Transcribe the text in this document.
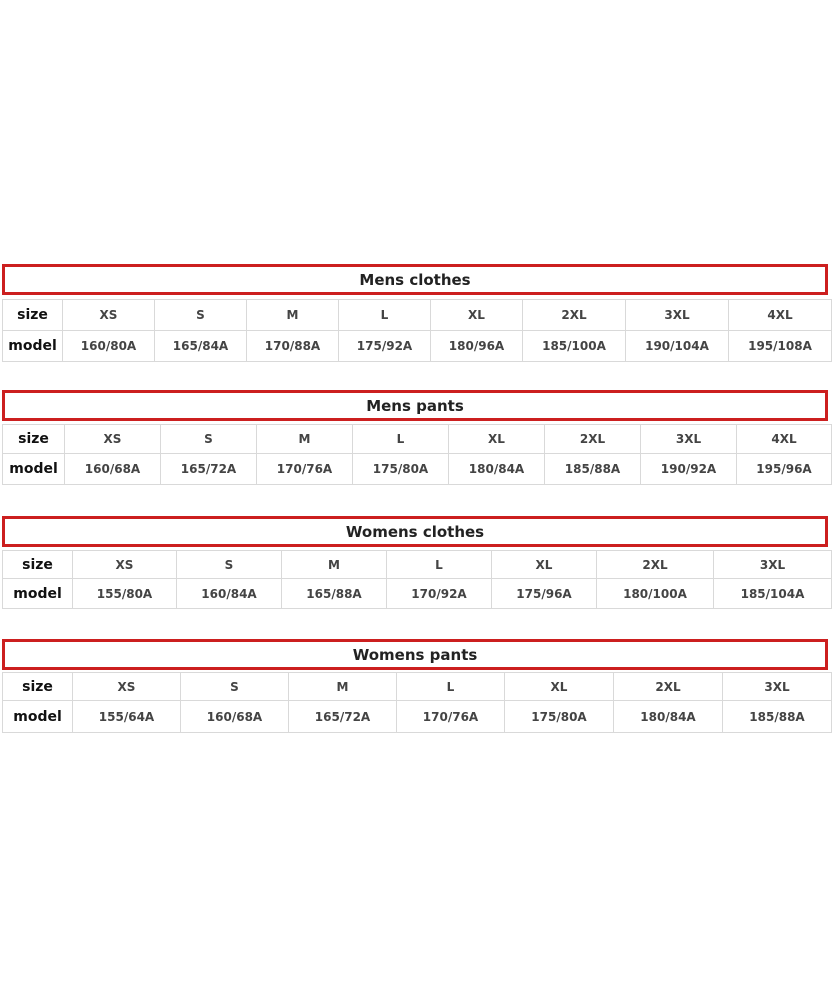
Mens clothes
size	XS	S	M	L	XL	2XL	3XL	4XL
model	160/80A	165/84A	170/88A	175/92A	180/96A	185/100A	190/104A	195/108A
Mens pants
size	XS	S	M	L	XL	2XL	3XL	4XL
model	160/68A	165/72A	170/76A	175/80A	180/84A	185/88A	190/92A	195/96A
Womens clothes
size	XS	S	M	L	XL	2XL	3XL
model	155/80A	160/84A	165/88A	170/92A	175/96A	180/100A	185/104A
Womens pants
size	XS	S	M	L	XL	2XL	3XL
model	155/64A	160/68A	165/72A	170/76A	175/80A	180/84A	185/88A
